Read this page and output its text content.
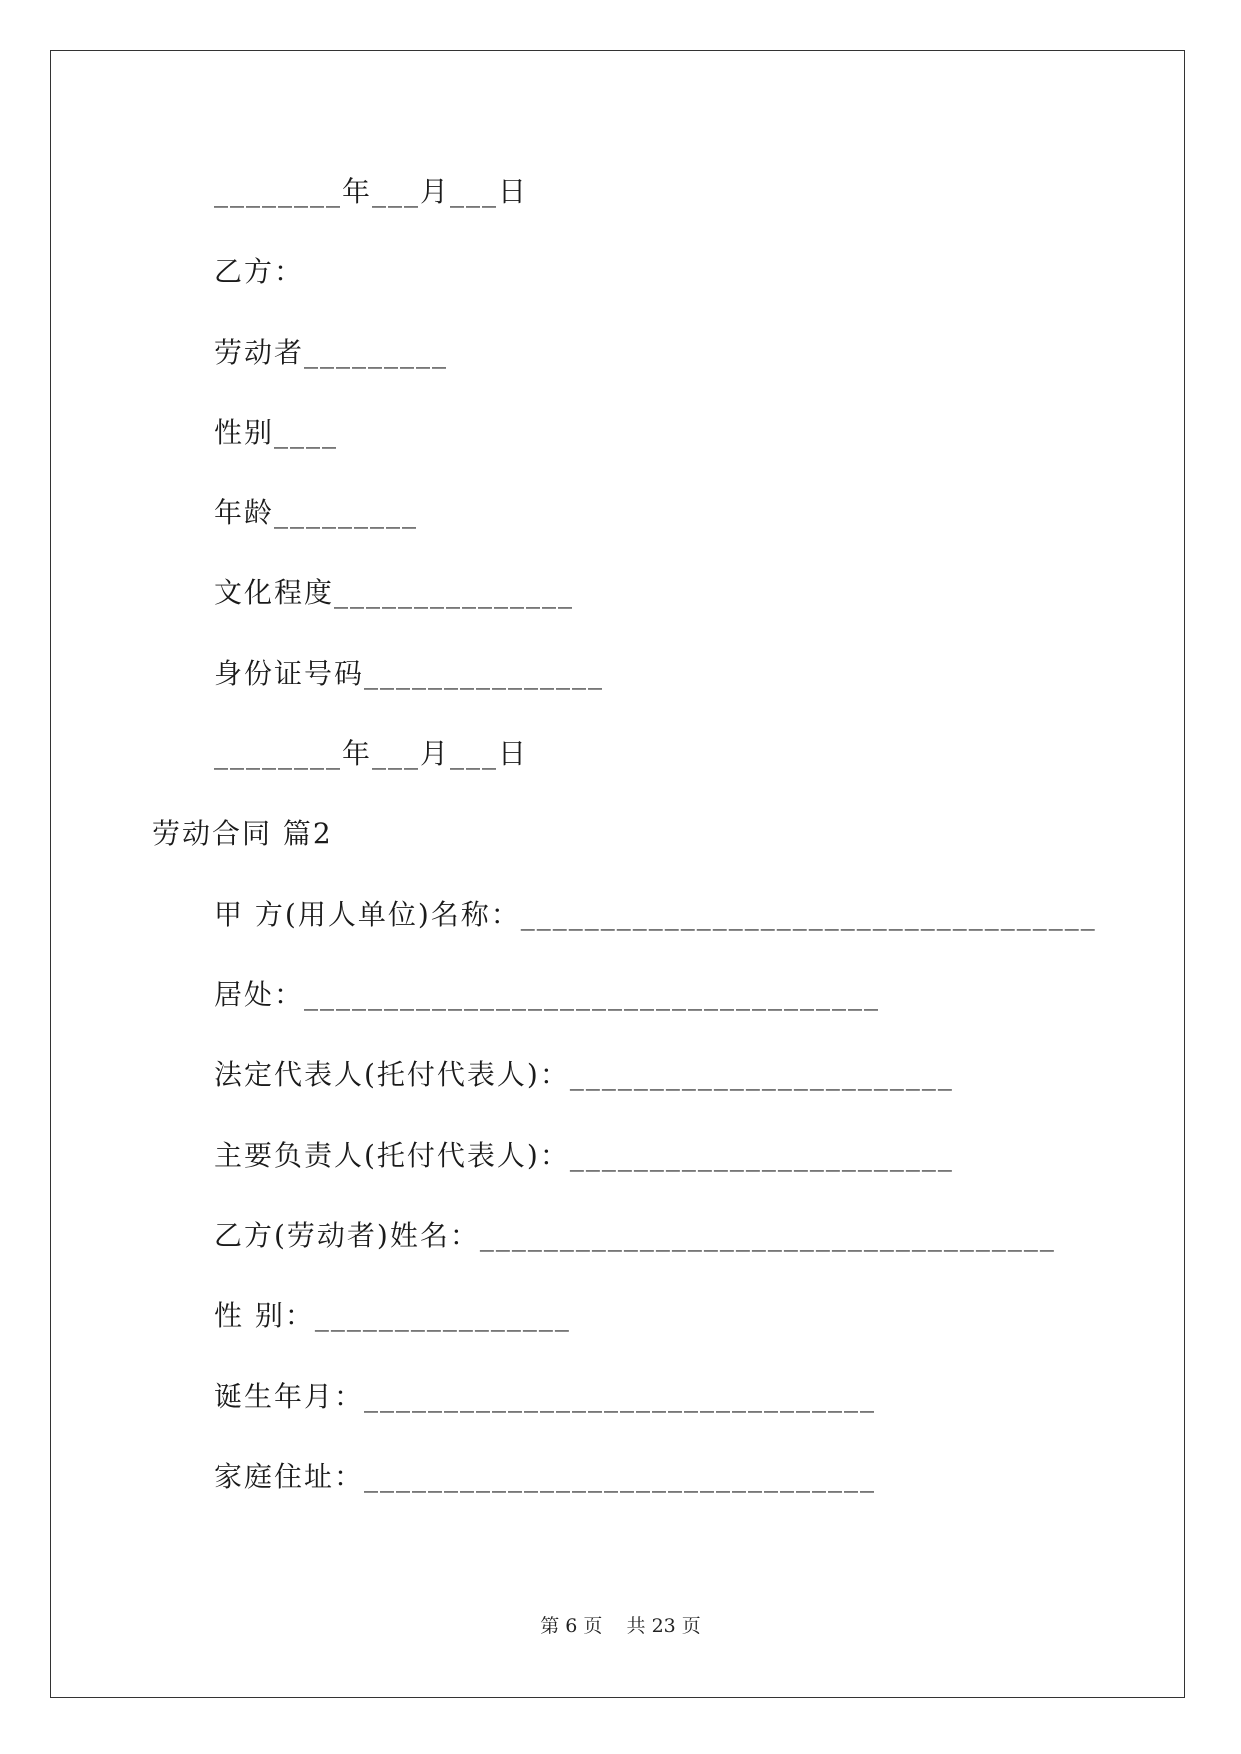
________年___月___日
乙方：
劳动者_________
性别____
年龄_________
文化程度_______________
身份证号码_______________
________年___月___日
劳动合同 篇2
甲 方(用人单位)名称：____________________________________
居处：____________________________________
法定代表人(托付代表人)：________________________
主要负责人(托付代表人)：________________________
乙方(劳动者)姓名：____________________________________
性 别：________________
诞生年月：________________________________
家庭住址：________________________________
第 6 页    共 23 页
